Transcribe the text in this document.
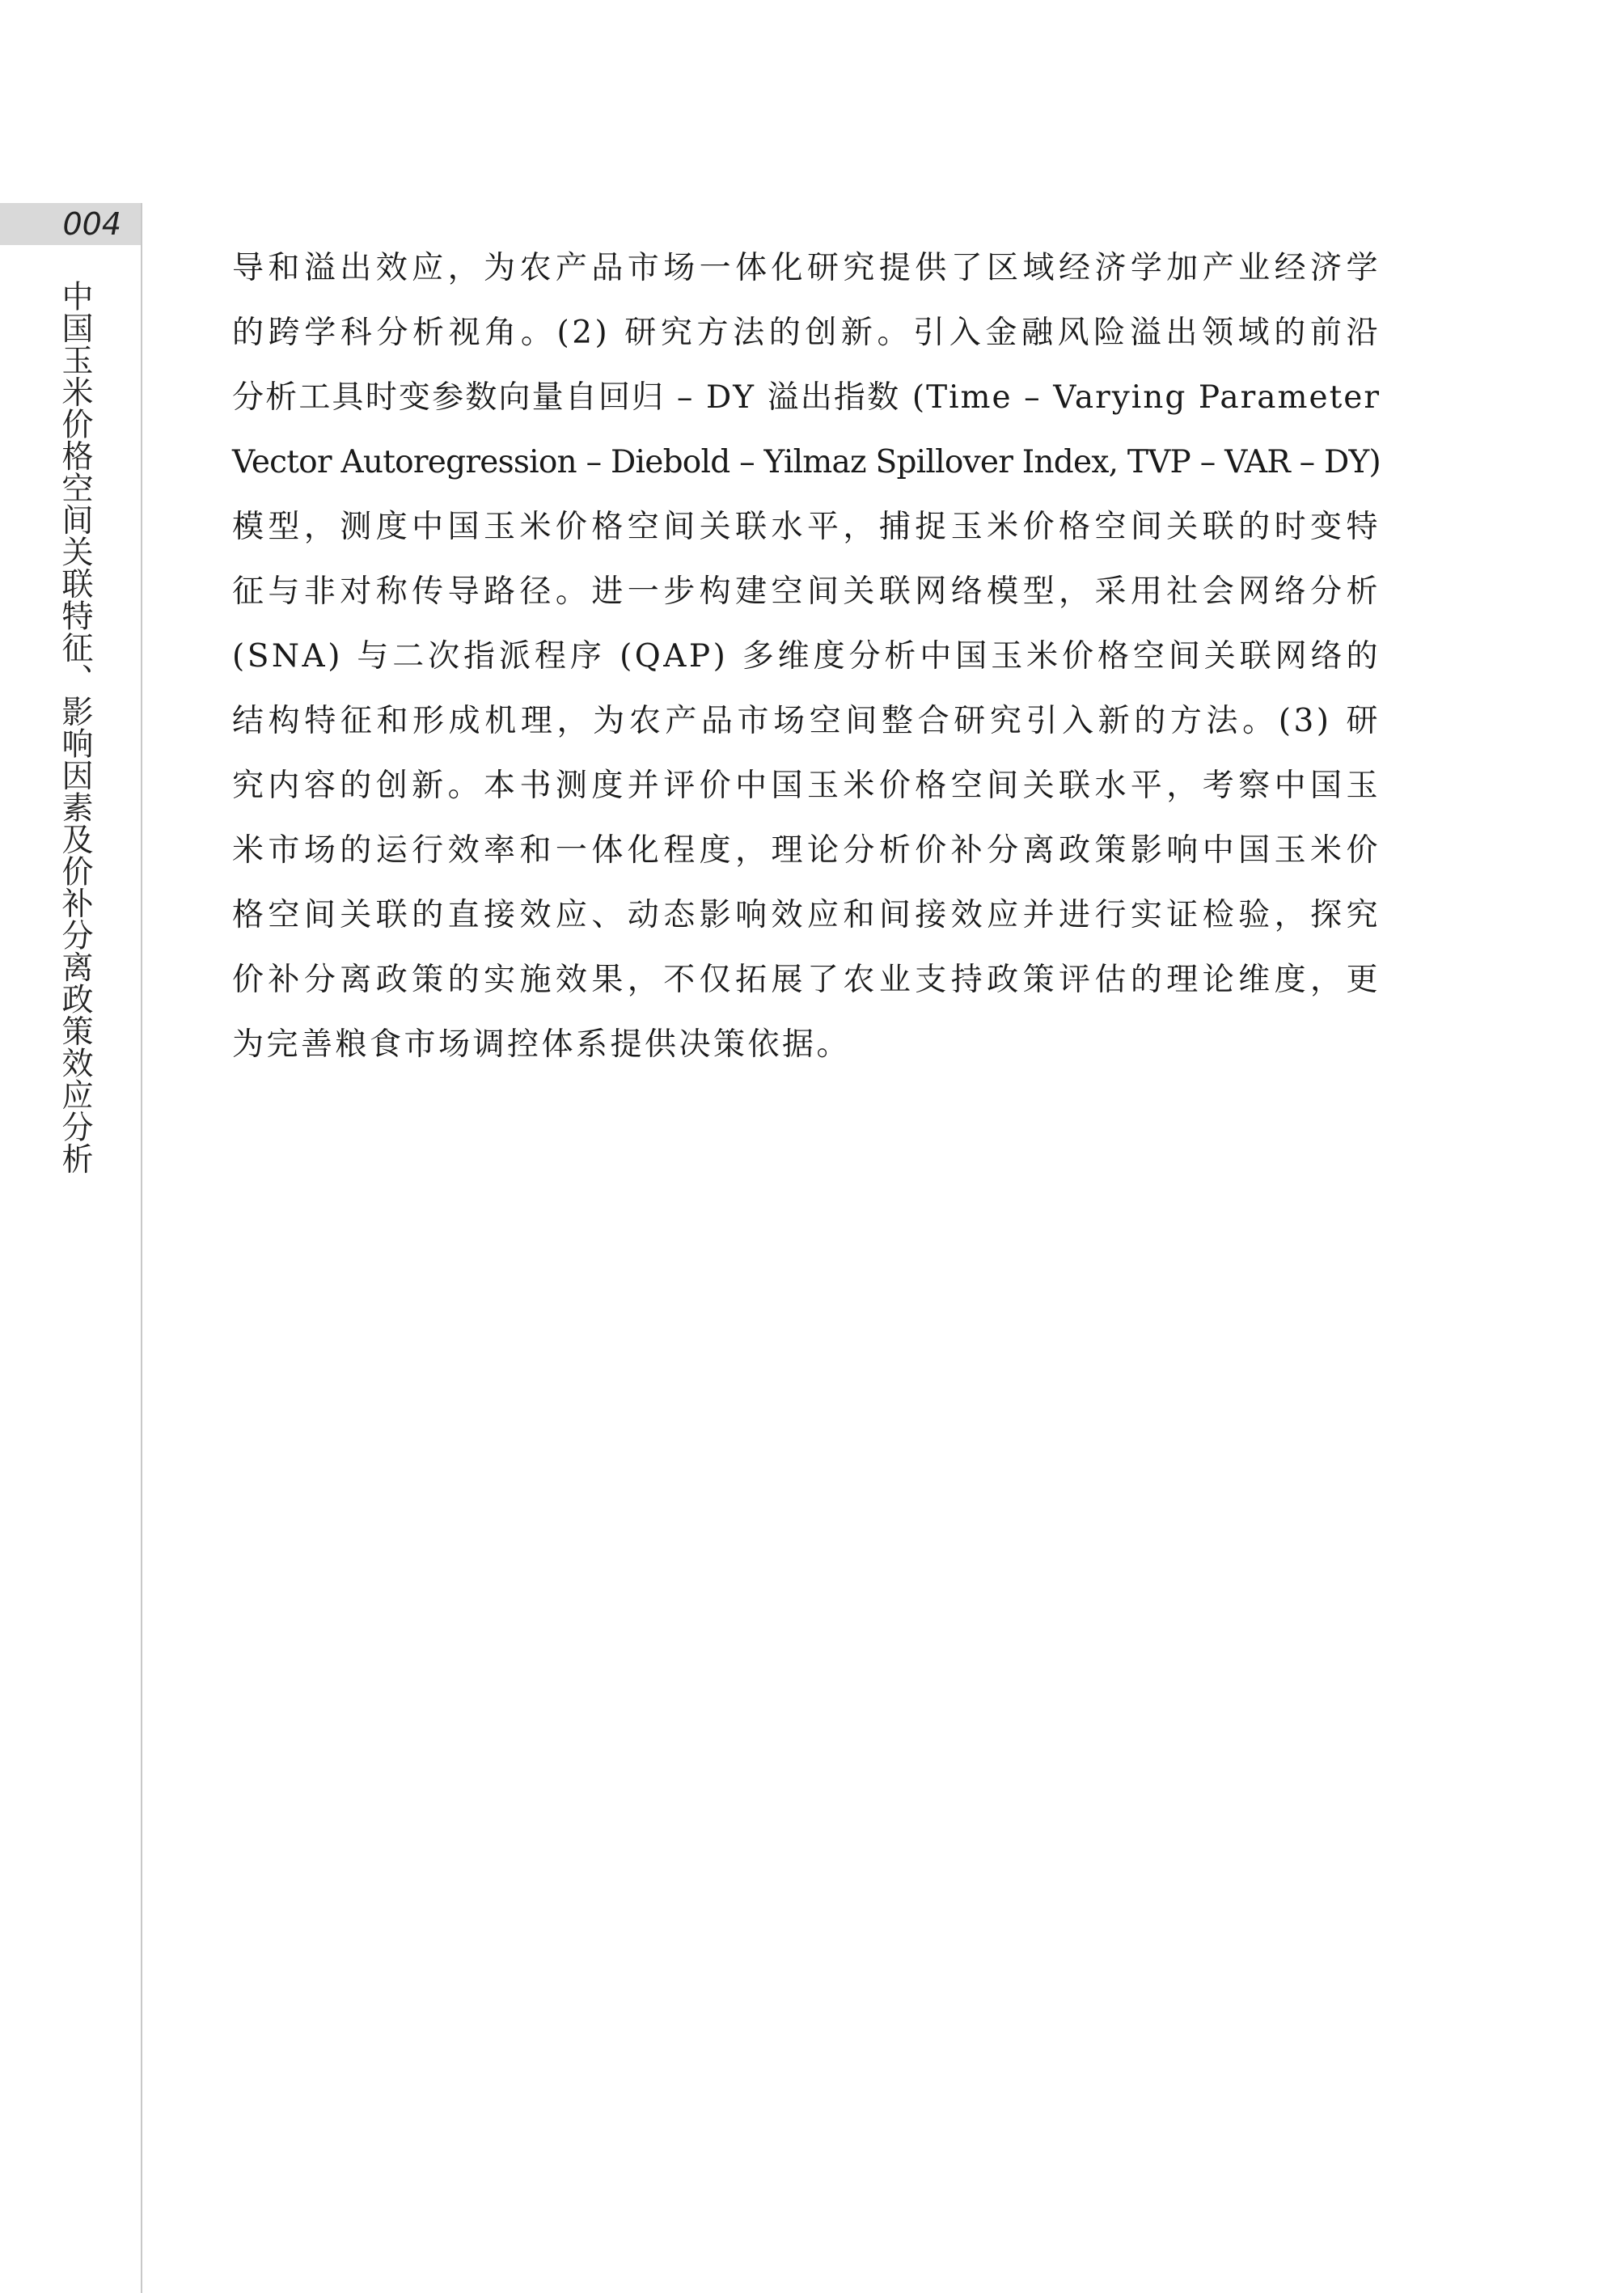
004
中国玉米价格空间关联特征、影响因素及价补分离政策效应分析
导和溢出效应，为农产品市场一体化研究提供了区域经济学加产业经济学
的跨学科分析视角。(2) 研究方法的创新。引入金融风险溢出领域的前沿
分析工具时变参数向量自回归 – DY 溢出指数 (Time – Varying Parameter
Vector Autoregression – Diebold – Yilmaz Spillover Index, TVP – VAR – DY)
模型，测度中国玉米价格空间关联水平，捕捉玉米价格空间关联的时变特
征与非对称传导路径。进一步构建空间关联网络模型，采用社会网络分析
(SNA) 与二次指派程序 (QAP) 多维度分析中国玉米价格空间关联网络的
结构特征和形成机理，为农产品市场空间整合研究引入新的方法。(3) 研
究内容的创新。本书测度并评价中国玉米价格空间关联水平，考察中国玉
米市场的运行效率和一体化程度，理论分析价补分离政策影响中国玉米价
格空间关联的直接效应、动态影响效应和间接效应并进行实证检验，探究
价补分离政策的实施效果，不仅拓展了农业支持政策评估的理论维度，更
为完善粮食市场调控体系提供决策依据。
